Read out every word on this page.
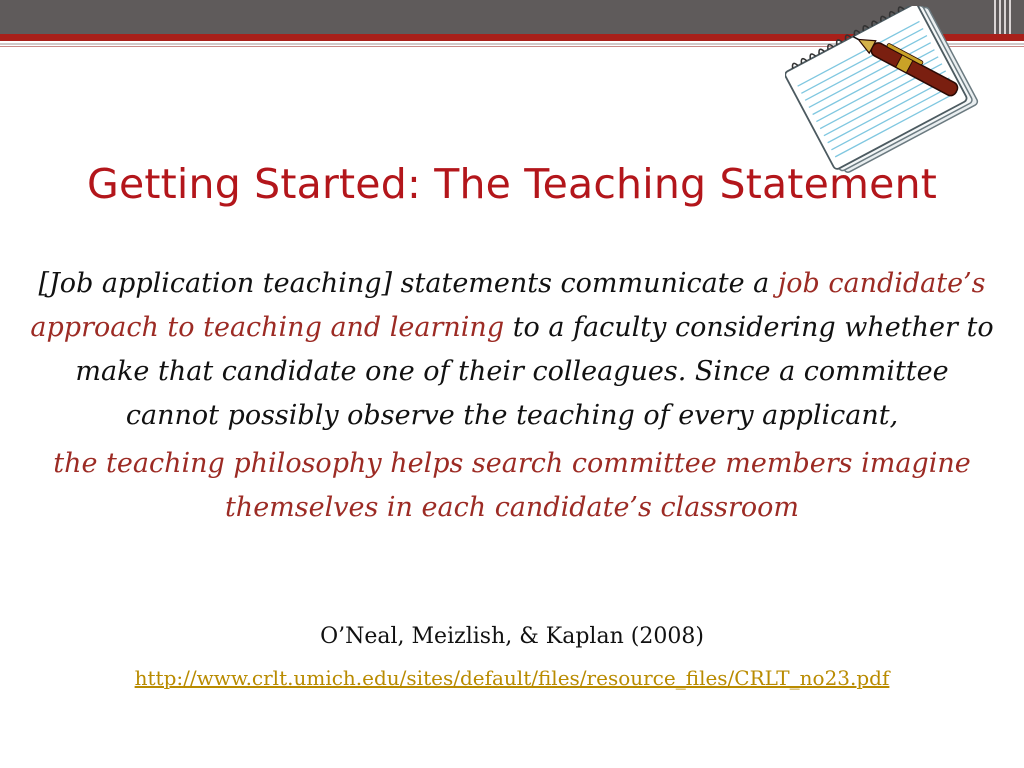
Getting Started: The Teaching Statement
[Job application teaching] statements communicate a job candidate’s approach to teaching and learning to a faculty considering whether to make that candidate one of their colleagues. Since a committee cannot possibly observe the teaching of every applicant,
the teaching philosophy helps search committee members imagine themselves in each candidate’s classroom
O’Neal, Meizlish, & Kaplan (2008)
http://www.crlt.umich.edu/sites/default/files/resource_files/CRLT_no23.pdf
